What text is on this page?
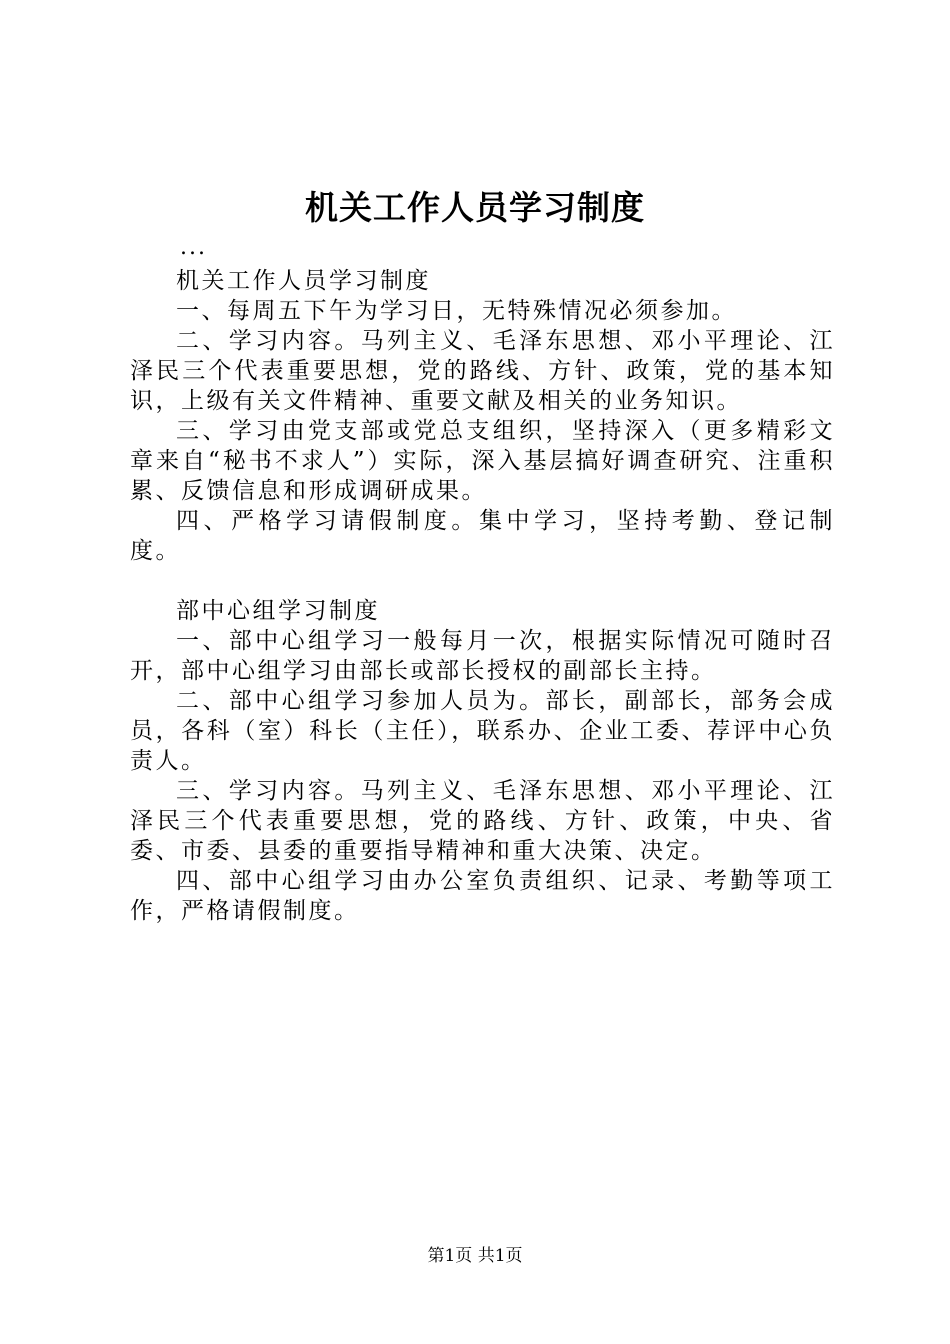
机关工作人员学习制度
...

机关工作人员学习制度

一、每周五下午为学习日，无特殊情况必须参加。

二、学习内容。马列主义、毛泽东思想、邓小平理论、江泽民三个代表重要思想，党的路线、方针、政策，党的基本知识，上级有关文件精神、重要文献及相关的业务知识。

三、学习由党支部或党总支组织，坚持深入（更多精彩文章来自“秘书不求人”）实际，深入基层搞好调查研究、注重积累、反馈信息和形成调研成果。

四、严格学习请假制度。集中学习，坚持考勤、登记制度。

部中心组学习制度

一、部中心组学习一般每月一次，根据实际情况可随时召开，部中心组学习由部长或部长授权的副部长主持。

二、部中心组学习参加人员为。部长，副部长，部务会成员，各科（室）科长（主任），联系办、企业工委、荐评中心负责人。

三、学习内容。马列主义、毛泽东思想、邓小平理论、江泽民三个代表重要思想，党的路线、方针、政策，中央、省委、市委、县委的重要指导精神和重大决策、决定。

四、部中心组学习由办公室负责组织、记录、考勤等项工作，严格请假制度。

第1页 共1页
